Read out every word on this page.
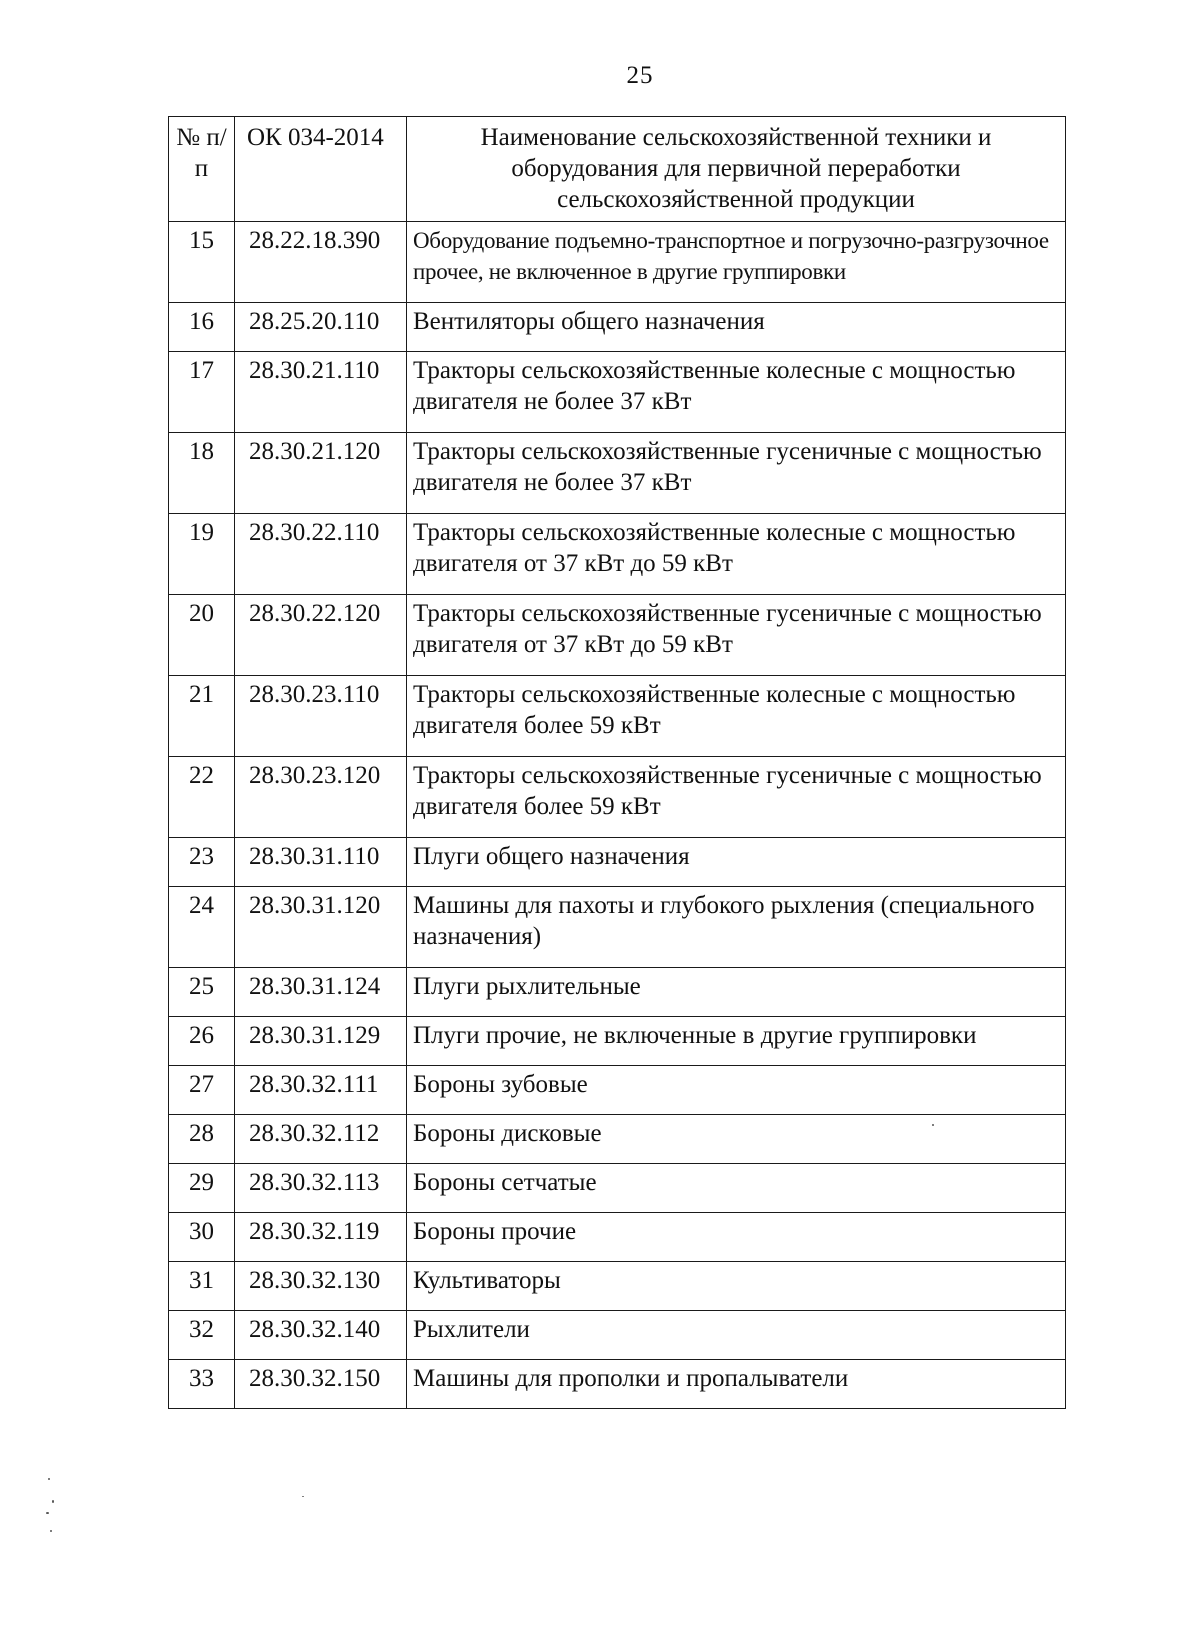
25
№ п/п	ОК 034-2014	Наименование сельскохозяйственной техники и оборудования для первичной переработки сельскохозяйственной продукции
15	28.22.18.390	Оборудование подъемно-транспортное и погрузочно-разгрузочное прочее, не включенное в другие группировки
16	28.25.20.110	Вентиляторы общего назначения
17	28.30.21.110	Тракторы сельскохозяйственные колесные с мощностью двигателя не более 37 кВт
18	28.30.21.120	Тракторы сельскохозяйственные гусеничные с мощностью двигателя не более 37 кВт
19	28.30.22.110	Тракторы сельскохозяйственные колесные с мощностью двигателя от 37 кВт до 59 кВт
20	28.30.22.120	Тракторы сельскохозяйственные гусеничные с мощностью двигателя от 37 кВт до 59 кВт
21	28.30.23.110	Тракторы сельскохозяйственные колесные с мощностью двигателя более 59 кВт
22	28.30.23.120	Тракторы сельскохозяйственные гусеничные с мощностью двигателя более 59 кВт
23	28.30.31.110	Плуги общего назначения
24	28.30.31.120	Машины для пахоты и глубокого рыхления (специального назначения)
25	28.30.31.124	Плуги рыхлительные
26	28.30.31.129	Плуги прочие, не включенные в другие группировки
27	28.30.32.111	Бороны зубовые
28	28.30.32.112	Бороны дисковые
29	28.30.32.113	Бороны сетчатые
30	28.30.32.119	Бороны прочие
31	28.30.32.130	Культиваторы
32	28.30.32.140	Рыхлители
33	28.30.32.150	Машины для прополки и пропалыватели
